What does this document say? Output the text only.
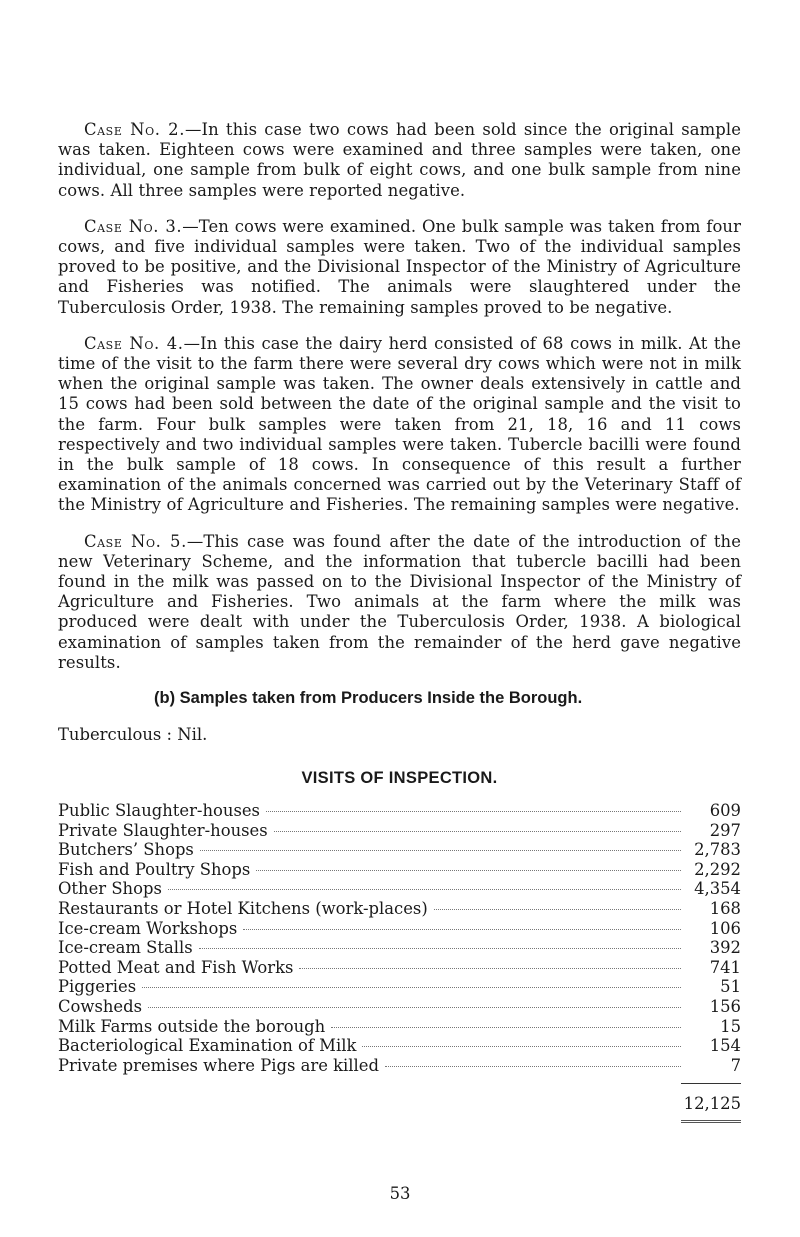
Case No. 2.—In this case two cows had been sold since the original sample was taken. Eighteen cows were examined and three samples were taken, one individual, one sample from bulk of eight cows, and one bulk sample from nine cows. All three samples were reported negative.

Case No. 3.—Ten cows were examined. One bulk sample was taken from four cows, and five individual samples were taken. Two of the individual samples proved to be positive, and the Divisional Inspector of the Ministry of Agriculture and Fisheries was notified. The animals were slaughtered under the Tuberculosis Order, 1938. The remaining samples proved to be negative.

Case No. 4.—In this case the dairy herd consisted of 68 cows in milk. At the time of the visit to the farm there were several dry cows which were not in milk when the original sample was taken. The owner deals extensively in cattle and 15 cows had been sold between the date of the original sample and the visit to the farm. Four bulk samples were taken from 21, 18, 16 and 11 cows respectively and two individual samples were taken. Tubercle bacilli were found in the bulk sample of 18 cows. In consequence of this result a further examination of the animals concerned was carried out by the Veterinary Staff of the Ministry of Agriculture and Fisheries. The remaining samples were negative.

Case No. 5.—This case was found after the date of the introduction of the new Veterinary Scheme, and the information that tubercle bacilli had been found in the milk was passed on to the Divisional Inspector of the Ministry of Agriculture and Fisheries. Two animals at the farm where the milk was produced were dealt with under the Tuberculosis Order, 1938. A biological examination of samples taken from the remainder of the herd gave negative results.

(b) Samples taken from Producers Inside the Borough.
Tuberculous : Nil.
VISITS OF INSPECTION.
Public Slaughter-houses	609
Private Slaughter-houses	297
Butchers’ Shops	2,783
Fish and Poultry Shops	2,292
Other Shops	4,354
Restaurants or Hotel Kitchens (work-places)	168
Ice-cream Workshops	106
Ice-cream Stalls	392
Potted Meat and Fish Works	741
Piggeries	51
Cowsheds	156
Milk Farms outside the borough	15
Bacteriological Examination of Milk	154
Private premises where Pigs are killed	7
12,125
53
